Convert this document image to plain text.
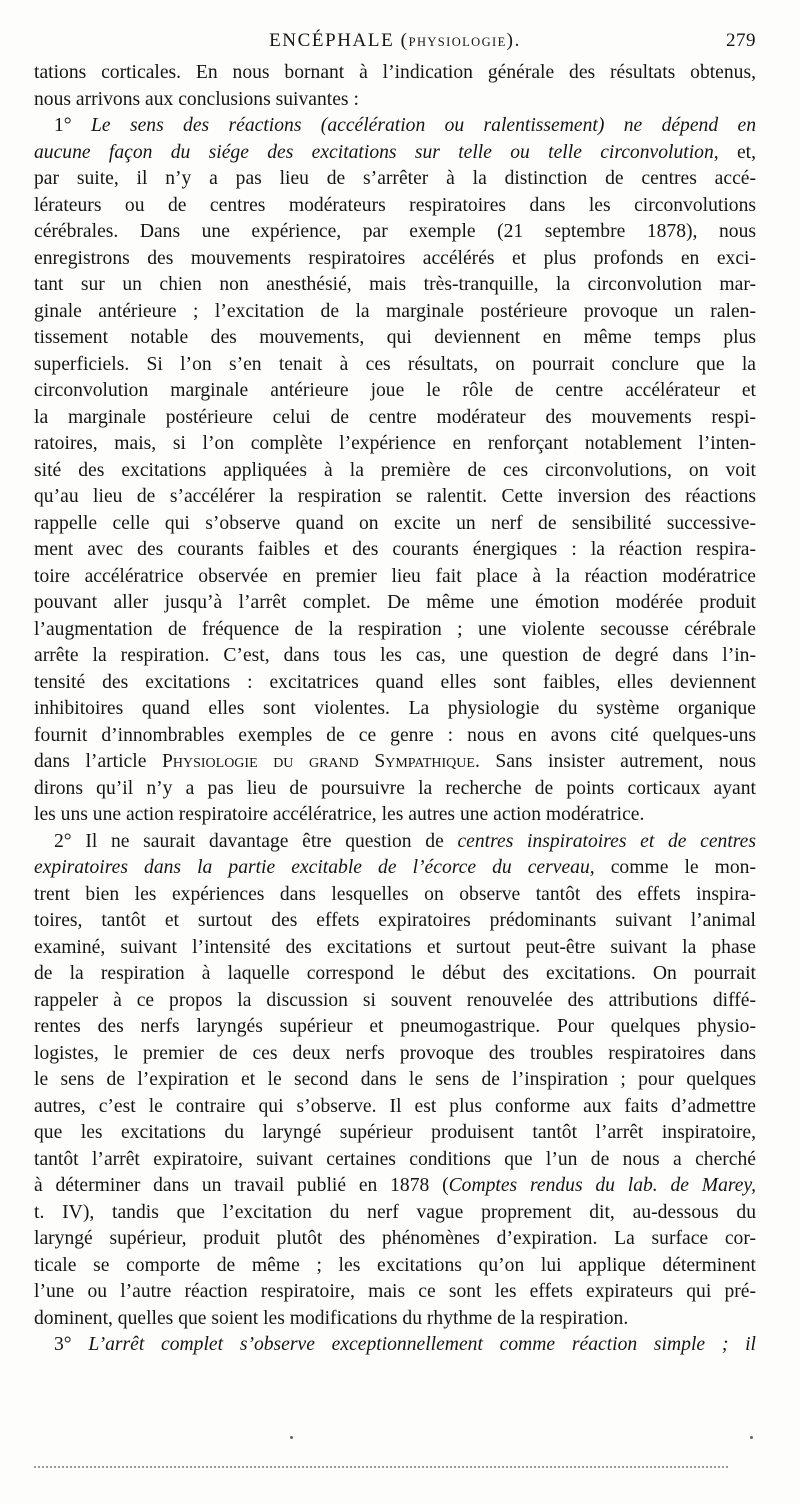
ENCÉPHALE (PHYSIOLOGIE).	279
tations corticales. En nous bornant à l’indication générale des résultats obtenus,
nous arrivons aux conclusions suivantes :
1° Le sens des réactions (accélération ou ralentissement) ne dépend en
aucune façon du siége des excitations sur telle ou telle circonvolution, et,
par suite, il n’y a pas lieu de s’arrêter à la distinction de centres accé-
lérateurs ou de centres modérateurs respiratoires dans les circonvolutions
cérébrales. Dans une expérience, par exemple (21 septembre 1878), nous
enregistrons des mouvements respiratoires accélérés et plus profonds en exci-
tant sur un chien non anesthésié, mais très-tranquille, la circonvolution mar-
ginale antérieure ; l’excitation de la marginale postérieure provoque un ralen-
tissement notable des mouvements, qui deviennent en même temps plus
superficiels. Si l’on s’en tenait à ces résultats, on pourrait conclure que la
circonvolution marginale antérieure joue le rôle de centre accélérateur et
la marginale postérieure celui de centre modérateur des mouvements respi-
ratoires, mais, si l’on complète l’expérience en renforçant notablement l’inten-
sité des excitations appliquées à la première de ces circonvolutions, on voit
qu’au lieu de s’accélérer la respiration se ralentit. Cette inversion des réactions
rappelle celle qui s’observe quand on excite un nerf de sensibilité successive-
ment avec des courants faibles et des courants énergiques : la réaction respira-
toire accélératrice observée en premier lieu fait place à la réaction modératrice
pouvant aller jusqu’à l’arrêt complet. De même une émotion modérée produit
l’augmentation de fréquence de la respiration ; une violente secousse cérébrale
arrête la respiration. C’est, dans tous les cas, une question de degré dans l’in-
tensité des excitations : excitatrices quand elles sont faibles, elles deviennent
inhibitoires quand elles sont violentes. La physiologie du système organique
fournit d’innombrables exemples de ce genre : nous en avons cité quelques-uns
dans l’article Physiologie du grand Sympathique. Sans insister autrement, nous
dirons qu’il n’y a pas lieu de poursuivre la recherche de points corticaux ayant
les uns une action respiratoire accélératrice, les autres une action modératrice.
2° Il ne saurait davantage être question de centres inspiratoires et de centres
expiratoires dans la partie excitable de l’écorce du cerveau, comme le mon-
trent bien les expériences dans lesquelles on observe tantôt des effets inspira-
toires, tantôt et surtout des effets expiratoires prédominants suivant l’animal
examiné, suivant l’intensité des excitations et surtout peut-être suivant la phase
de la respiration à laquelle correspond le début des excitations. On pourrait
rappeler à ce propos la discussion si souvent renouvelée des attributions diffé-
rentes des nerfs laryngés supérieur et pneumogastrique. Pour quelques physio-
logistes, le premier de ces deux nerfs provoque des troubles respiratoires dans
le sens de l’expiration et le second dans le sens de l’inspiration ; pour quelques
autres, c’est le contraire qui s’observe. Il est plus conforme aux faits d’admettre
que les excitations du laryngé supérieur produisent tantôt l’arrêt inspiratoire,
tantôt l’arrêt expiratoire, suivant certaines conditions que l’un de nous a cherché
à déterminer dans un travail publié en 1878 (Comptes rendus du lab. de Marey,
t. IV), tandis que l’excitation du nerf vague proprement dit, au-dessous du
laryngé supérieur, produit plutôt des phénomènes d’expiration. La surface cor-
ticale se comporte de même ; les excitations qu’on lui applique déterminent
l’une ou l’autre réaction respiratoire, mais ce sont les effets expirateurs qui pré-
dominent, quelles que soient les modifications du rhythme de la respiration.
3° L’arrêt complet s’observe exceptionnellement comme réaction simple ; il
